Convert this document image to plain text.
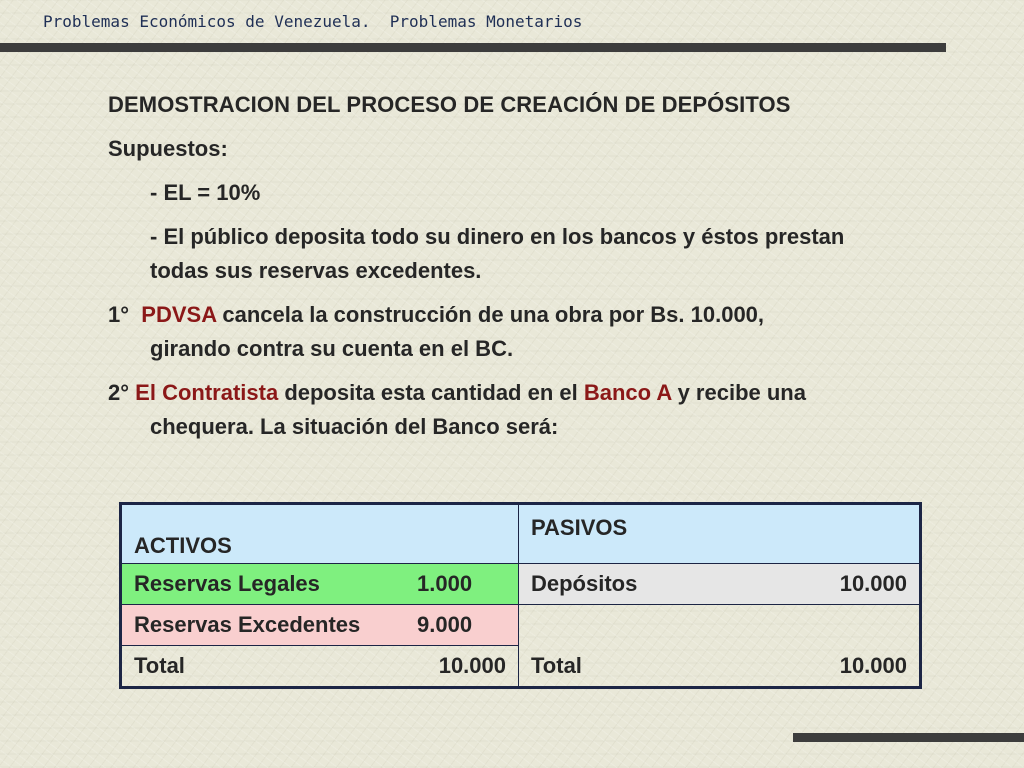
Problemas Económicos de Venezuela.  Problemas Monetarios
DEMOSTRACION DEL PROCESO DE CREACIÓN DE DEPÓSITOS
Supuestos:
- EL = 10%
- El público deposita todo su dinero en los bancos y éstos prestan
todas sus reservas excedentes.
1° PDVSA cancela la construcción de una obra por Bs. 10.000,
girando contra su cuenta en el BC.
2° El Contratista deposita esta cantidad en el Banco A y recibe una
chequera. La situación del Banco será:
ACTIVOS	PASIVOS

Reservas Legales 1.000	Depósitos 10.000

Reservas Excedentes 9.000	

Total 10.000	Total 10.000
